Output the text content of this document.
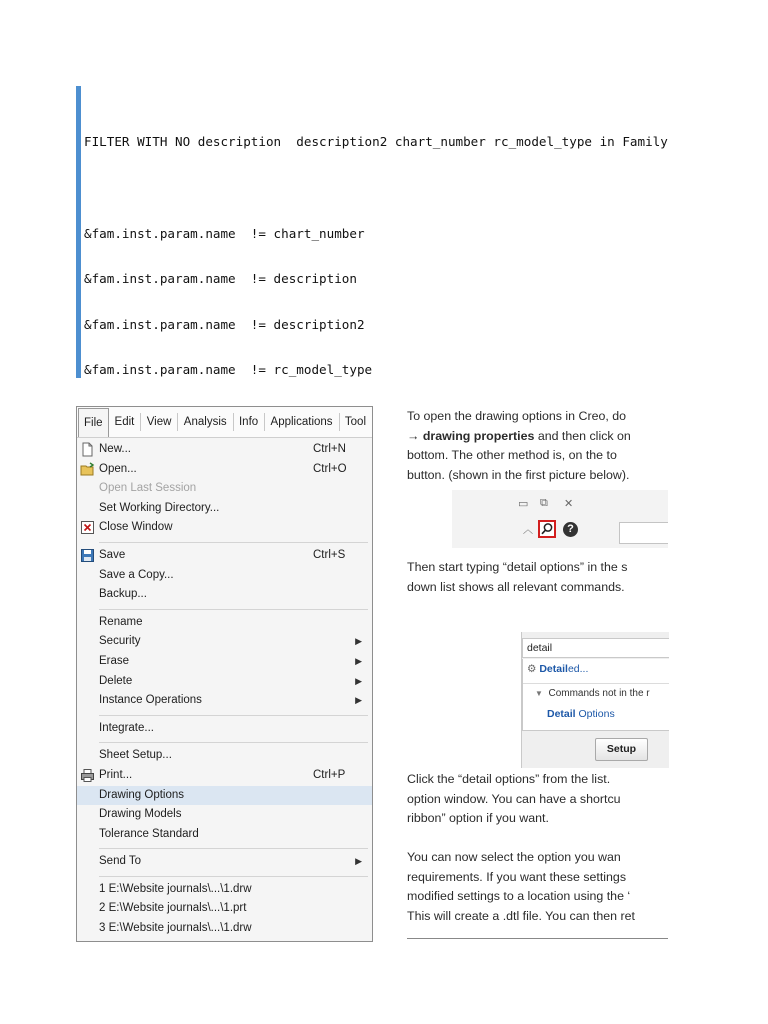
FILTER WITH NO description  description2 chart_number rc_model_type in Family

&fam.inst.param.name  != chart_number

&fam.inst.param.name  != description

&fam.inst.param.name  != description2

&fam.inst.param.name  != rc_model_type

File	Edit	View	Analysis	Info	Applications	Tool
New...	Ctrl+N
Open...	Ctrl+O
Open Last Session
Set Working Directory...
Close Window
Save	Ctrl+S
Save a Copy...
Backup...
Rename
Security	▶
Erase	▶
Delete	▶
Instance Operations	▶
Integrate...
Sheet Setup...
Print...	Ctrl+P
Drawing Options
Drawing Models
Tolerance Standard
Send To	▶
1 E:\Website journals\...\1.drw
2 E:\Website journals\...\1.prt
3 E:\Website journals\...\1.drw

To open the drawing options in Creo, do

→ drawing properties and then click on

bottom. The other method is, on the to

button. (shown in the first picture below).

▭ ⧉ ✕
︿	?

Then start typing “detail options” in the s

down list shows all relevant commands.

detail
⚙ Detailed...
▼ Commands not in the r
Detail Options
Setup

Click the “detail options” from the list.

option window. You can have a shortcu

ribbon” option if you want.

You can now select the option you wan

requirements. If you want these settings

modified settings to a location using the ‘

This will create a .dtl file. You can then ret
